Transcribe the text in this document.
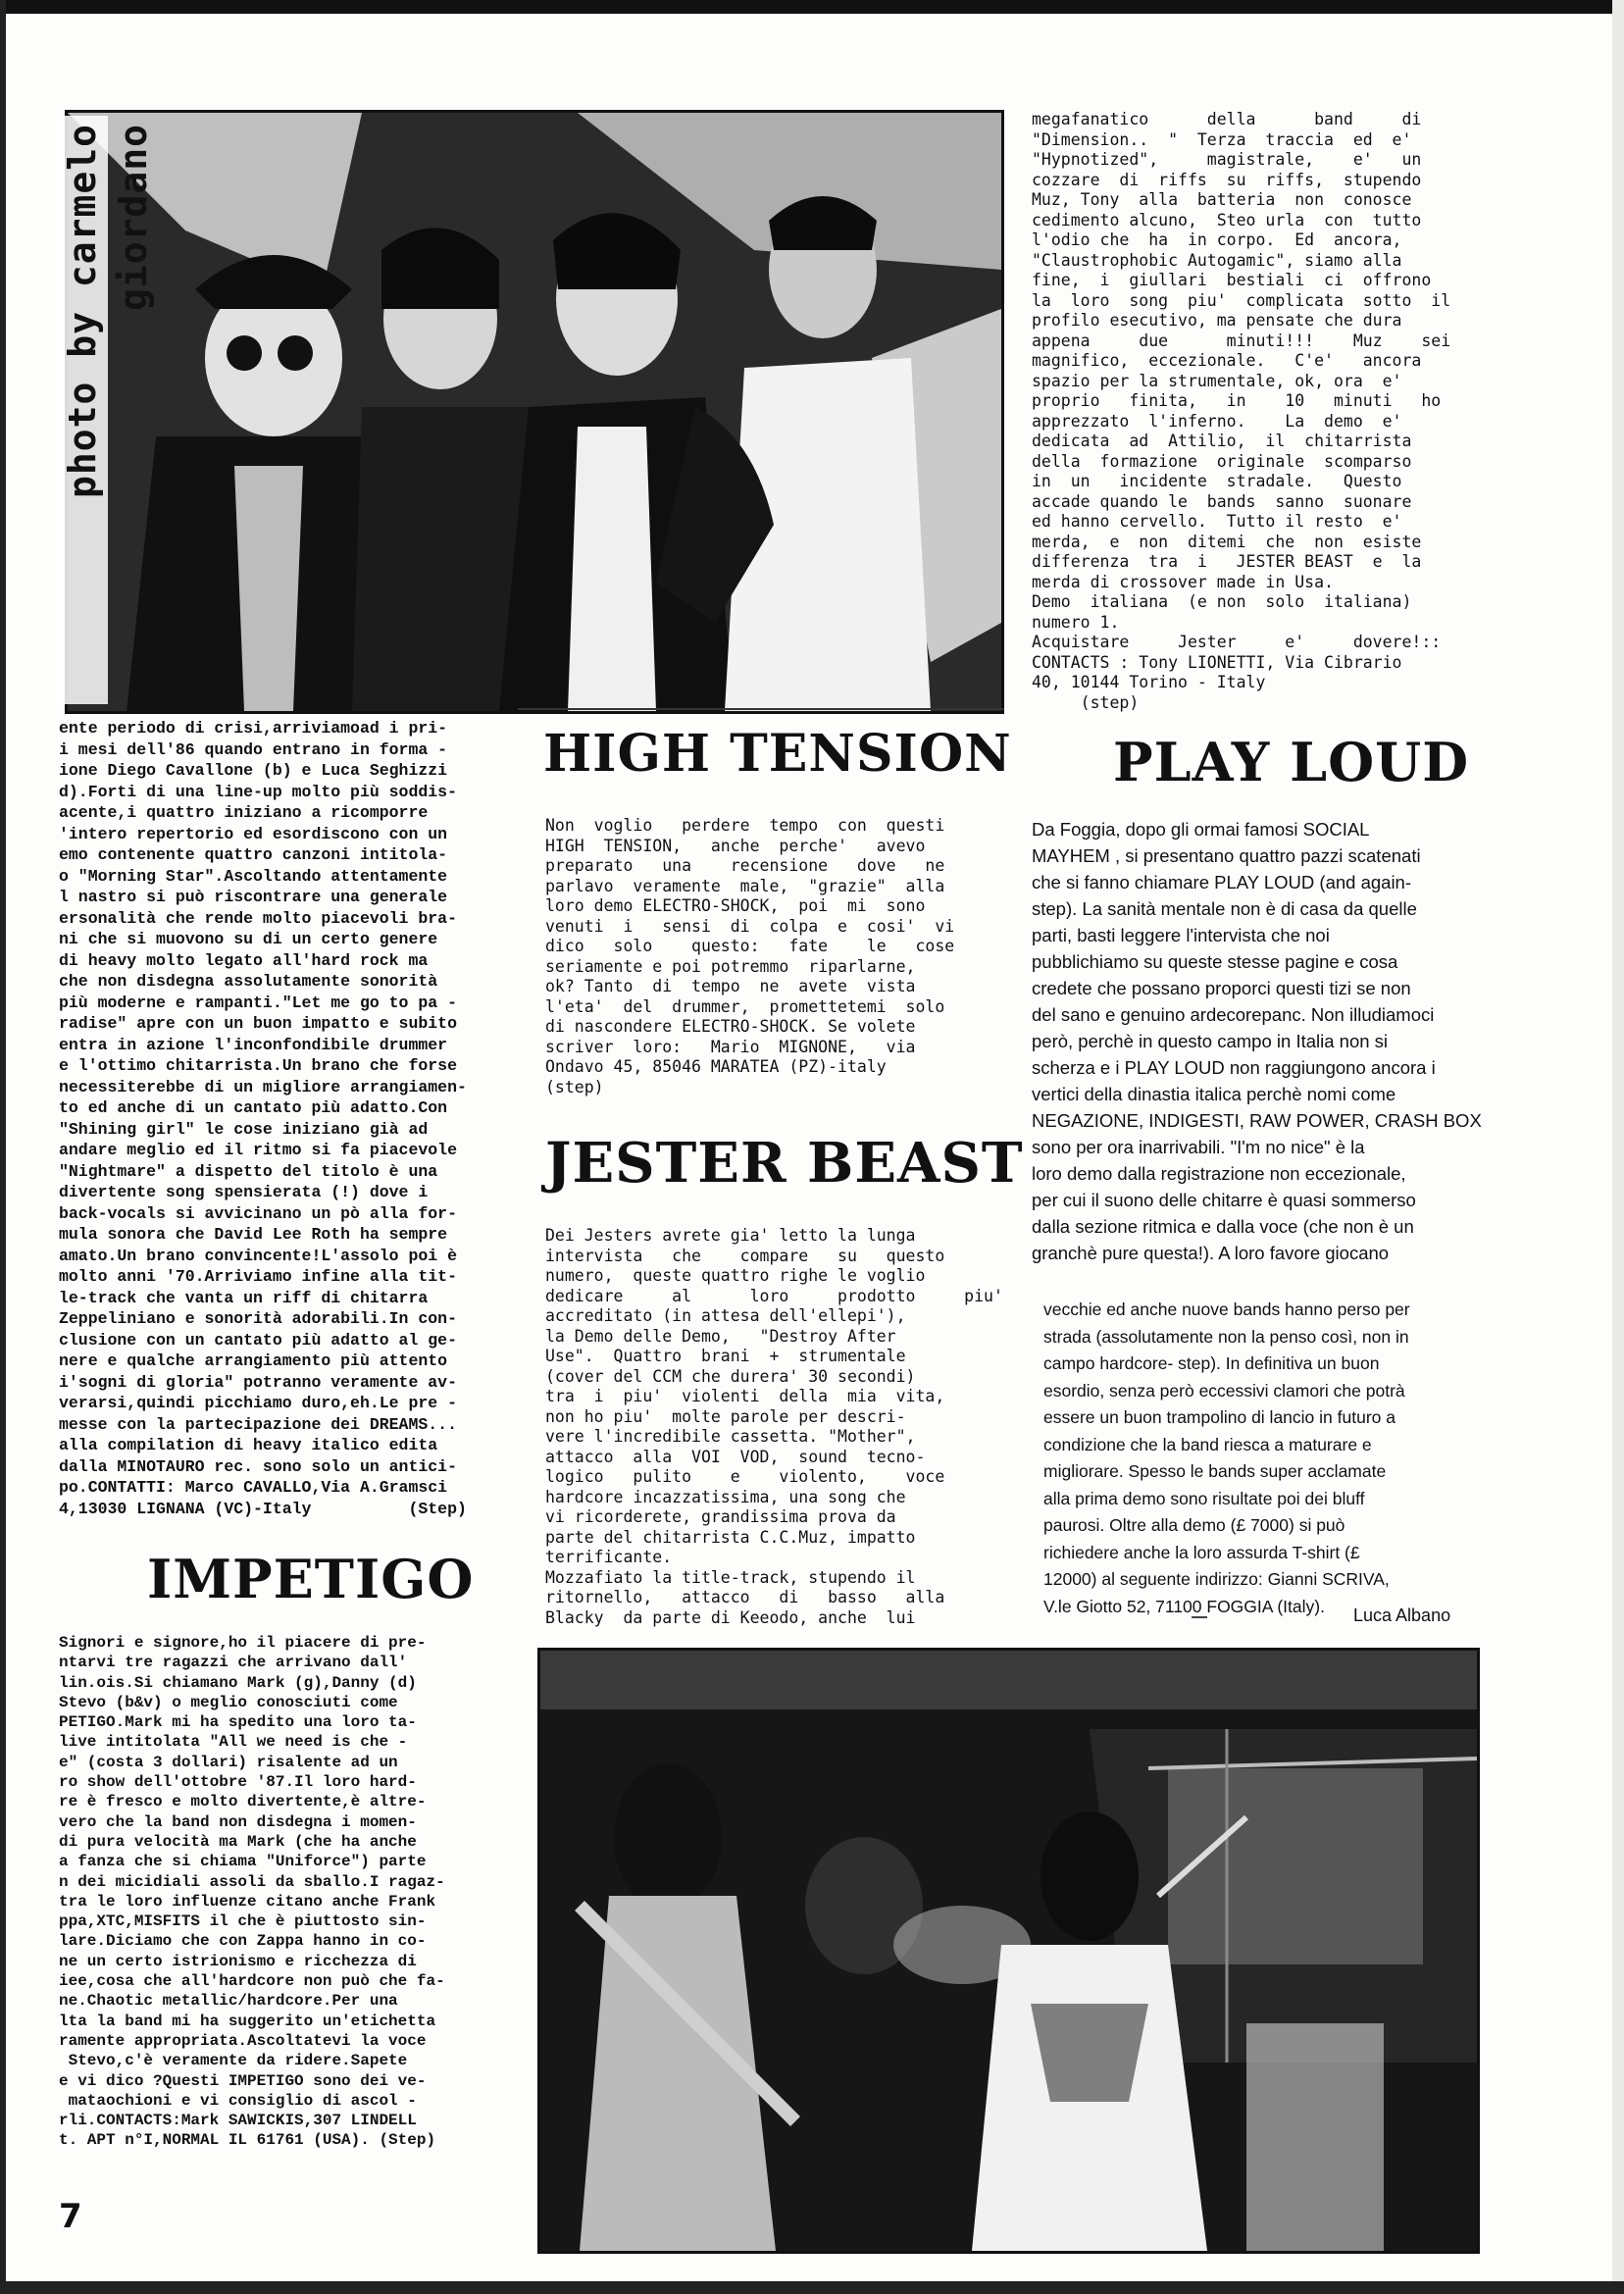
photo by carmelo giordano
megafanatico      della      band     di
"Dimension..  "  Terza  traccia  ed  e'
"Hypnotized",     magistrale,    e'   un
cozzare  di  riffs  su  riffs,  stupendo
Muz, Tony  alla  batteria  non  conosce
cedimento alcuno,  Steo urla  con  tutto
l'odio che  ha  in corpo.  Ed  ancora,
"Claustrophobic Autogamic", siamo alla
fine,  i  giullari  bestiali  ci  offrono
la  loro  song  piu'  complicata  sotto  il
profilo esecutivo, ma pensate che dura
appena     due      minuti!!!    Muz    sei
magnifico,  eccezionale.   C'e'   ancora
spazio per la strumentale, ok, ora  e'
proprio   finita,   in    10   minuti   ho
apprezzato  l'inferno.    La  demo  e'
dedicata  ad  Attilio,  il  chitarrista
della  formazione  originale  scomparso
in  un   incidente  stradale.   Questo
accade quando le  bands  sanno  suonare
ed hanno cervello.  Tutto il resto  e'
merda,  e  non  ditemi  che  non  esiste
differenza  tra  i   JESTER BEAST  e  la
merda di crossover made in Usa.
Demo  italiana  (e non  solo  italiana)
numero 1.
Acquistare     Jester     e'     dovere!::
CONTACTS : Tony LIONETTI, Via Cibrario
40, 10144 Torino - Italy
(step)
ente periodo di crisi,arriviamoad i pri-
i mesi dell'86 quando entrano in forma -
ione Diego Cavallone (b) e Luca Seghizzi
d).Forti di una line-up molto più soddis-
acente,i quattro iniziano a ricomporre
'intero repertorio ed esordiscono con un
emo contenente quattro canzoni intitola-
o "Morning Star".Ascoltando attentamente
l nastro si può riscontrare una generale
ersonalità che rende molto piacevoli bra-
ni che si muovono su di un certo genere
di heavy molto legato all'hard rock ma
che non disdegna assolutamente sonorità
più moderne e rampanti."Let me go to pa -
radise" apre con un buon impatto e subito
entra in azione l'inconfondibile drummer
e l'ottimo chitarrista.Un brano che forse
necessiterebbe di un migliore arrangiamen-
to ed anche di un cantato più adatto.Con
"Shining girl" le cose iniziano già ad
andare meglio ed il ritmo si fa piacevole
"Nightmare" a dispetto del titolo è una
divertente song spensierata (!) dove i
back-vocals si avvicinano un pò alla for-
mula sonora che David Lee Roth ha sempre
amato.Un brano convincente!L'assolo poi è
molto anni '70.Arriviamo infine alla tit-
le-track che vanta un riff di chitarra
Zeppeliniano e sonorità adorabili.In con-
clusione con un cantato più adatto al ge-
nere e qualche arrangiamento più attento
i'sogni di gloria" potranno veramente av-
verarsi,quindi picchiamo duro,eh.Le pre -
messe con la partecipazione dei DREAMS...
alla compilation di heavy italico edita
dalla MINOTAURO rec. sono solo un antici-
po.CONTATTI: Marco CAVALLO,Via A.Gramsci
4,13030 LIGNANA (VC)-Italy          (Step)
HIGH TENSION PLAY LOUD
JESTER BEAST
IMPETIGO
Non  voglio   perdere  tempo  con  questi
HIGH  TENSION,   anche  perche'   avevo
preparato   una    recensione   dove   ne
parlavo  veramente  male,  "grazie"  alla
loro demo ELECTRO-SHOCK,  poi  mi  sono
venuti  i   sensi  di  colpa  e  cosi'  vi
dico   solo    questo:   fate    le   cose
seriamente e poi potremmo  riparlarne,
ok? Tanto  di  tempo  ne  avete  vista
l'eta'  del  drummer,  promettetemi  solo
di nascondere ELECTRO-SHOCK. Se volete
scriver  loro:   Mario  MIGNONE,   via
Ondavo 45, 85046 MARATEA (PZ)-italy
(step)
Dei Jesters avrete gia' letto la lunga
intervista   che    compare   su   questo
numero,  queste quattro righe le voglio
dedicare     al      loro     prodotto     piu'
accreditato (in attesa dell'ellepi'),
la Demo delle Demo,   "Destroy After
Use".  Quattro  brani  +  strumentale
(cover del CCM che durera' 30 secondi)
tra  i  piu'  violenti  della  mia  vita,
non ho piu'  molte parole per descri-
vere l'incredibile cassetta. "Mother",
attacco  alla  VOI  VOD,  sound  tecno-
logico   pulito    e    violento,    voce
hardcore incazzatissima, una song che
vi ricorderete, grandissima prova da
parte del chitarrista C.C.Muz, impatto
terrificante.
Mozzafiato la title-track, stupendo il
ritornello,   attacco   di   basso   alla
Blacky  da parte di Keeodo, anche  lui
Da Foggia, dopo gli ormai famosi SOCIAL
MAYHEM , si presentano quattro pazzi scatenati
che si fanno chiamare PLAY LOUD (and again-
step). La sanità mentale non è di casa da quelle
parti, basti leggere l'intervista che noi
pubblichiamo su queste stesse pagine e cosa
credete che possano proporci questi tizi se non
del sano e genuino ardecorepanc. Non illudiamoci
però, perchè in questo campo in Italia non si
scherza e i PLAY LOUD non raggiungono ancora i
vertici della dinastia italica perchè nomi come
NEGAZIONE, INDIGESTI, RAW POWER, CRASH BOX
sono per ora inarrivabili. "I'm no nice" è la
loro demo dalla registrazione non eccezionale,
per cui il suono delle chitarre è quasi sommerso
dalla sezione ritmica e dalla voce (che non è un
granchè pure questa!). A loro favore giocano
vecchie ed anche nuove bands hanno perso per
strada (assolutamente non la penso così, non in
campo hardcore- step). In definitiva un buon
esordio, senza però eccessivi clamori che potrà
essere un buon trampolino di lancio in futuro a
condizione che la band riesca a maturare e
migliorare. Spesso le bands super acclamate
alla prima demo sono risultate poi dei bluff
paurosi. Oltre alla demo (£ 7000) si può
richiedere anche la loro assurda T-shirt (£
12000) al seguente indirizzo: Gianni SCRIVA,
V.le Giotto 52, 71100 FOGGIA (Italy).	Luca Albano
Signori e signore,ho il piacere di pre-
ntarvi tre ragazzi che arrivano dall'
lin.ois.Si chiamano Mark (g),Danny (d)
Stevo (b&v) o meglio conosciuti come
PETIGO.Mark mi ha spedito una loro ta-
live intitolata "All we need is che -
e" (costa 3 dollari) risalente ad un
ro show dell'ottobre '87.Il loro hard-
re è fresco e molto divertente,è altre-
vero che la band non disdegna i momen-
di pura velocità ma Mark (che ha anche
a fanza che si chiama "Uniforce") parte
n dei micidiali assoli da sballo.I ragaz-
tra le loro influenze citano anche Frank
ppa,XTC,MISFITS il che è piuttosto sin-
lare.Diciamo che con Zappa hanno in co-
ne un certo istrionismo e ricchezza di
iee,cosa che all'hardcore non può che fa-
ne.Chaotic metallic/hardcore.Per una
lta la band mi ha suggerito un'etichetta
ramente appropriata.Ascoltatevi la voce
Stevo,c'è veramente da ridere.Sapete
e vi dico ?Questi IMPETIGO sono dei ve-
mataochioni e vi consiglio di ascol -
rli.CONTACTS:Mark SAWICKIS,307 LINDELL
t. APT n°I,NORMAL IL 61761 (USA). (Step)
7
